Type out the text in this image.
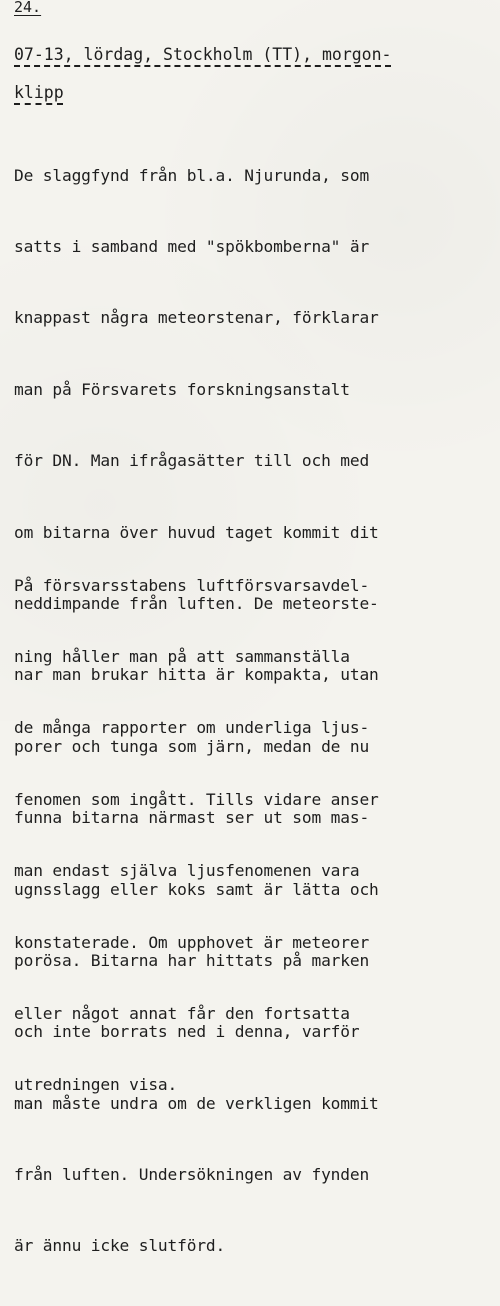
24.
07-13, lördag, Stockholm (TT), morgon-
klipp

De slaggfynd från bl.a. Njurunda, som

satts i samband med "spökbomberna" är

knappast några meteorstenar, förklarar

man på Försvarets forskningsanstalt

för DN. Man ifrågasätter till och med

om bitarna över huvud taget kommit dit

neddimpande från luften. De meteorste-

nar man brukar hitta är kompakta, utan

porer och tunga som järn, medan de nu

funna bitarna närmast ser ut som mas-

ugnsslagg eller koks samt är lätta och

porösa. Bitarna har hittats på marken

och inte borrats ned i denna, varför

man måste undra om de verkligen kommit

från luften. Undersökningen av fynden

är ännu icke slutförd.

På försvarsstabens luftförsvarsavdel-

ning håller man på att sammanställa

de många rapporter om underliga ljus-

fenomen som ingått. Tills vidare anser

man endast själva ljusfenomenen vara

konstaterade. Om upphovet är meteorer

eller något annat får den fortsatta

utredningen visa.
